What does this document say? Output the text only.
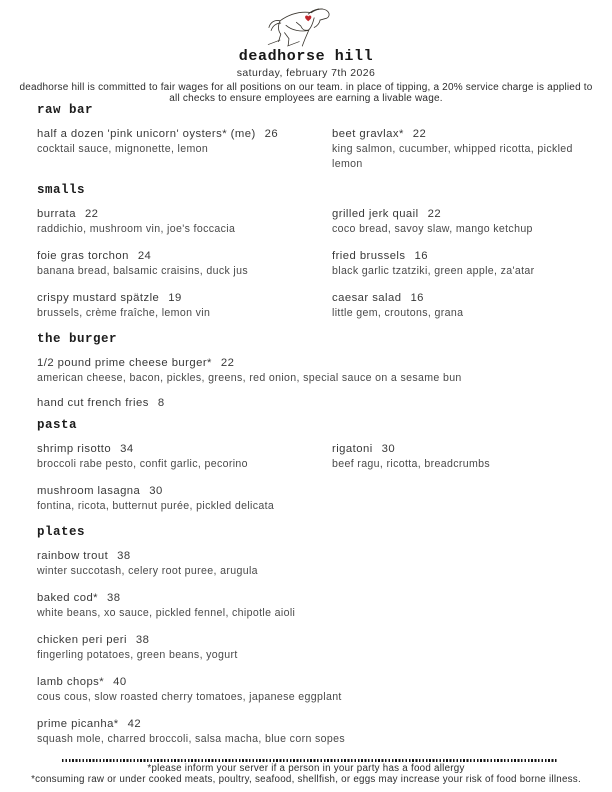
deadhorse hill
saturday, february 7th 2026
deadhorse hill is committed to fair wages for all positions on our team. in place of tipping, a 20% service charge is applied to
all checks to ensure employees are earning a livable wage.
raw bar
half a dozen 'pink unicorn' oysters* (me) 26
cocktail sauce, mignonette, lemon
beet gravlax* 22
king salmon, cucumber, whipped ricotta, pickled lemon
smalls
burrata 22
raddichio, mushroom vin, joe's foccacia
foie gras torchon 24
banana bread, balsamic craisins, duck jus
crispy mustard spätzle 19
brussels, crème fraîche, lemon vin
grilled jerk quail 22
coco bread, savoy slaw, mango ketchup
fried brussels 16
black garlic tzatziki, green apple, za'atar
caesar salad 16
little gem, croutons, grana
the burger
1/2 pound prime cheese burger* 22
american cheese, bacon, pickles, greens, red onion, special sauce on a sesame bun
hand cut french fries 8
pasta
shrimp risotto 34
broccoli rabe pesto, confit garlic, pecorino
mushroom lasagna 30
fontina, ricota, butternut purée, pickled delicata
rigatoni 30
beef ragu, ricotta, breadcrumbs
plates
rainbow trout 38
winter succotash, celery root puree, arugula
baked cod* 38
white beans, xo sauce, pickled fennel, chipotle aioli
chicken peri peri 38
fingerling potatoes, green beans, yogurt
lamb chops* 40
cous cous, slow roasted cherry tomatoes, japanese eggplant
prime picanha* 42
squash mole, charred broccoli, salsa macha, blue corn sopes
*please inform your server if a person in your party has a food allergy
*consuming raw or under cooked meats, poultry, seafood, shellfish, or eggs may increase your risk of food borne illness.
